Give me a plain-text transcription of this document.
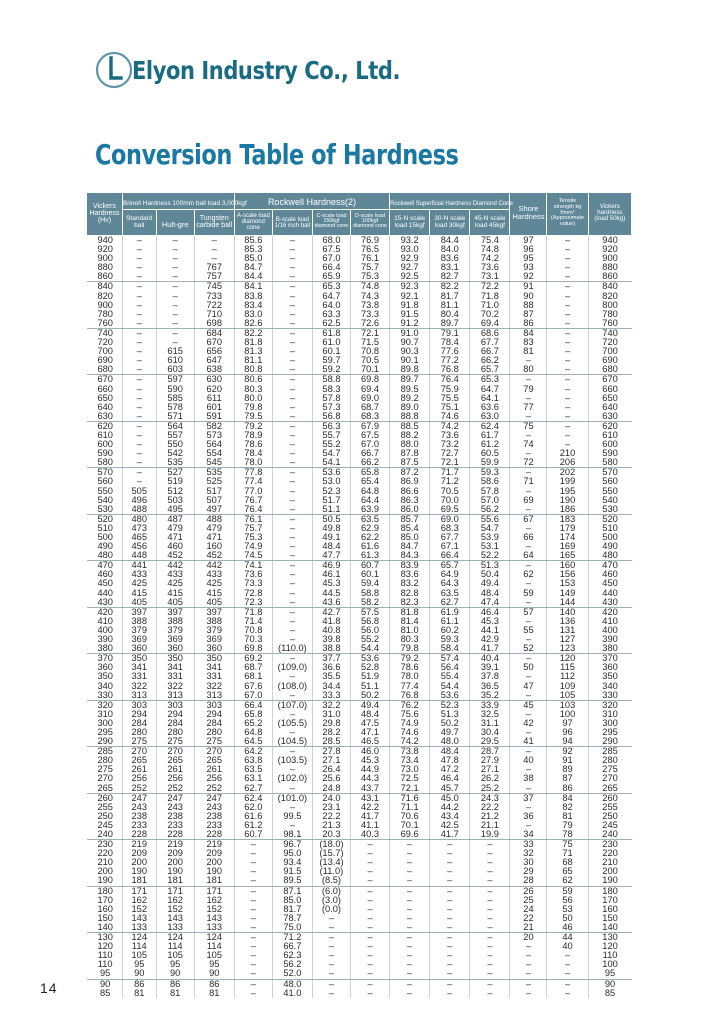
Elyon Industry Co., Ltd.
Conversion Table of Hardness
Vickers Hardness (Hv)	Brinell Hardness 100mm ball load 3,000kgf			Rockwell Hardness(2)				Rockwell Superficial Hardness Diamond Cone			Shore Hardness	Tensile strength kg f/mm² (Approximate value)	Vickers hardness (load 50kg)
	Standard ball	Hult-gre	Tungsten carbide ball	A-scale load diamond cone	B-scale load 1/16 inch ball	C-scale load 150kgf diamond cone	D-scale load 100kgf diamond cone	15-N scale load 15kgf	30-N scale load 30kgf	45-N scale load 45kgf			
940	–	–	–	85.6	–	68.0	76.9	93.2	84.4	75.4	97	–	940
920	–	–	–	85.3	–	67.5	76.5	93.0	84.0	74.8	96	–	920
900	–	–	–	85.0	–	67.0	76.1	92.9	83.6	74.2	95	–	900
880	–	–	767	84.7	–	66.4	75.7	92.7	83.1	73.6	93	–	880
860	–	–	757	84.4	–	65.9	75.3	92.5	82.7	73.1	92	–	860
840	–	–	745	84.1	–	65.3	74.8	92.3	82.2	72.2	91	–	840
820	–	–	733	83.8	–	64.7	74.3	92.1	81.7	71.8	90	–	820
900	–	–	722	83.4	–	64.0	73.8	91.8	81.1	71.0	88	–	800
780	–	–	710	83.0	–	63.3	73.3	91.5	80.4	70.2	87	–	780
760	–	–	698	82.6	–	62.5	72.6	91.2	89.7	69.4	86	–	760
740	–	–	684	82.2	–	61.8	72.1	91.0	79.1	68.6	84	–	740
720	–	–	670	81.8	–	61.0	71.5	90.7	78.4	67.7	83	–	720
700	–	615	656	81.3	–	60.1	70.8	90.3	77.6	66.7	81	–	700
690	–	610	647	81.1	–	59.7	70.5	90.1	77.2	66.2	–	–	690
680	–	603	638	80.8	–	59.2	70.1	89.8	76.8	65.7	80	–	680
670	–	597	630	80.6	–	58.8	69.8	89.7	76.4	65.3	–	–	670
660	–	590	620	80.3	–	58.3	69.4	89.5	75.9	64.7	79	–	660
650	–	585	611	80.0	–	57.8	69.0	89.2	75.5	64.1	–	–	650
640	–	578	601	79.8	–	57.3	68.7	89.0	75.1	63.6	77	–	640
630	–	571	591	79.5	–	56.8	68.3	88.8	74.6	63.0	–	–	630
620	–	564	582	79.2	–	56.3	67.9	88.5	74.2	62.4	75	–	620
610	–	557	573	78.9	–	55.7	67.5	88.2	73.6	61.7	–	–	610
600	–	550	564	78.6	–	55.2	67.0	88.0	73.2	61.2	74	–	600
590	–	542	554	78.4	–	54.7	66.7	87.8	72.7	60.5	–	210	590
580	–	535	545	78.0	–	54.1	66.2	87.5	72.1	59.9	72	206	580
570	–	527	535	77.8	–	53.6	65.8	87.2	71.7	59.3	–	202	570
560	–	519	525	77.4	–	53.0	65.4	86.9	71.2	58.6	71	199	560
550	505	512	517	77.0	–	52.3	64.8	86.6	70.5	57.8	–	195	550
540	496	503	507	76.7	–	51.7	64.4	86.3	70.0	57.0	69	190	540
530	488	495	497	76.4	–	51.1	63.9	86.0	69.5	56.2	–	186	530
520	480	487	488	76.1	–	50.5	63.5	85.7	69.0	55.6	67	183	520
510	473	479	479	75.7	–	49.8	62.9	85.4	68.3	54.7	–	179	510
500	465	471	471	75.3	–	49.1	62.2	85.0	67.7	53.9	66	174	500
490	456	460	160	74.9	–	48.4	61.6	84.7	67.1	53.1	–	169	490
480	448	452	452	74.5	–	47.7	61.3	84.3	66.4	52.2	64	165	480
470	441	442	442	74.1	–	46.9	60.7	83.9	65.7	51.3	–	160	470
460	433	433	433	73.6	–	46.1	60.1	83.6	64.9	50.4	62	156	460
450	425	425	425	73.3	–	45.3	59.4	83.2	64.3	49.4	–	153	450
440	415	415	415	72.8	–	44.5	58.8	82.8	63.5	48.4	59	149	440
430	405	405	405	72.3	–	43.6	58.2	82.3	62.7	47.4	–	144	430
420	397	397	397	71.8	–	42.7	57.5	81.8	61.9	46.4	57	140	420
410	388	388	388	71.4	–	41.8	56.8	81.4	61.1	45.3	–	136	410
400	379	379	379	70.8	–	40.8	56.0	81.0	60.2	44.1	55	131	400
390	369	369	369	70.3	–	39.8	55.2	80.3	59.3	42.9	–	127	390
380	360	360	360	69.8	(110.0)	38.8	54.4	79.8	58.4	41.7	52	123	380
370	350	350	350	69.2	–	37.7	53.6	79.2	57.4	40.4	–	120	370
360	341	341	341	68.7	(109.0)	36.6	52.8	78.6	56.4	39.1	50	115	360
350	331	331	331	68.1	–	35.5	51.9	78.0	55.4	37.8	–	112	350
340	322	322	322	67.6	(108.0)	34.4	51.1	77.4	54.4	36.5	47	109	340
330	313	313	313	67.0	–	33.3	50.2	76.8	53.6	35.2	–	105	330
320	303	303	303	66.4	(107.0)	32.2	49.4	76.2	52.3	33.9	45	103	320
310	294	294	294	65.8	–	31.0	48.4	75.6	51.3	32.5	–	100	310
300	284	284	284	65.2	(105.5)	29.8	47.5	74.9	50.2	31.1	42	97	300
295	280	280	280	64.8	–	28.2	47.1	74.6	49.7	30.4	–	96	295
290	275	275	275	64.5	(104.5)	28.5	46.5	74.2	48.0	29.5	41	94	290
285	270	270	270	64.2	–	27.8	46.0	73.8	48.4	28.7	–	92	285
280	265	265	265	63.8	(103.5)	27.1	45.3	73.4	47.8	27.9	40	91	280
275	261	261	261	63.5	–	26.4	44.9	73.0	47.2	27.1	–	89	275
270	256	256	256	63.1	(102.0)	25.6	44.3	72.5	46.4	26.2	38	87	270
265	252	252	252	62.7	–	24.8	43.7	72.1	45.7	25.2	–	86	265
260	247	247	247	62.4	(101.0)	24.0	43.1	71.6	45.0	24.3	37	84	260
255	243	243	243	62.0	–	23.1	42.2	71.1	44.2	22.2	–	82	255
250	238	238	238	61.6	99.5	22.2	41.7	70.6	43.4	21.2	36	81	250
245	233	233	233	61.2	–	21.3	41.1	70.1	42.5	21.1	–	79	245
240	228	228	228	60.7	98.1	20.3	40.3	69.6	41.7	19.9	34	78	240
230	219	219	219	–	96.7	(18.0)	–	–	–	–	33	75	230
220	209	209	209	–	95.0	(15.7)	–	–	–	–	32	71	220
210	200	200	200	–	93.4	(13.4)	–	–	–	–	30	68	210
200	190	190	190	–	91.5	(11.0)	–	–	–	–	29	65	200
190	181	181	181	–	89.5	(8.5)	–	–	–	–	28	62	190
180	171	171	171	–	87.1	(6.0)	–	–	–	–	26	59	180
170	162	162	162	–	85.0	(3.0)	–	–	–	–	25	56	170
160	152	152	152	–	81.7	(0.0)	–	–	–	–	24	53	160
150	143	143	143	–	78.7	–	–	–	–	–	22	50	150
140	133	133	133	–	75.0	–	–	–	–	–	21	46	140
130	124	124	124	–	71.2	–	–	–	–	–	20	44	130
120	114	114	114	–	66.7	–	–	–	–	–	–	40	120
110	105	105	105	–	62.3	–	–	–	–	–	–	–	110
110	95	95	95	–	56.2	–	–	–	–	–	–	–	100
95	90	90	90	–	52.0	–	–	–	–	–	–	–	95
90	86	86	86	–	48.0	–	–	–	–	–	–	–	90
85	81	81	81	–	41.0	–	–	–	–	–	–	–	85
14
